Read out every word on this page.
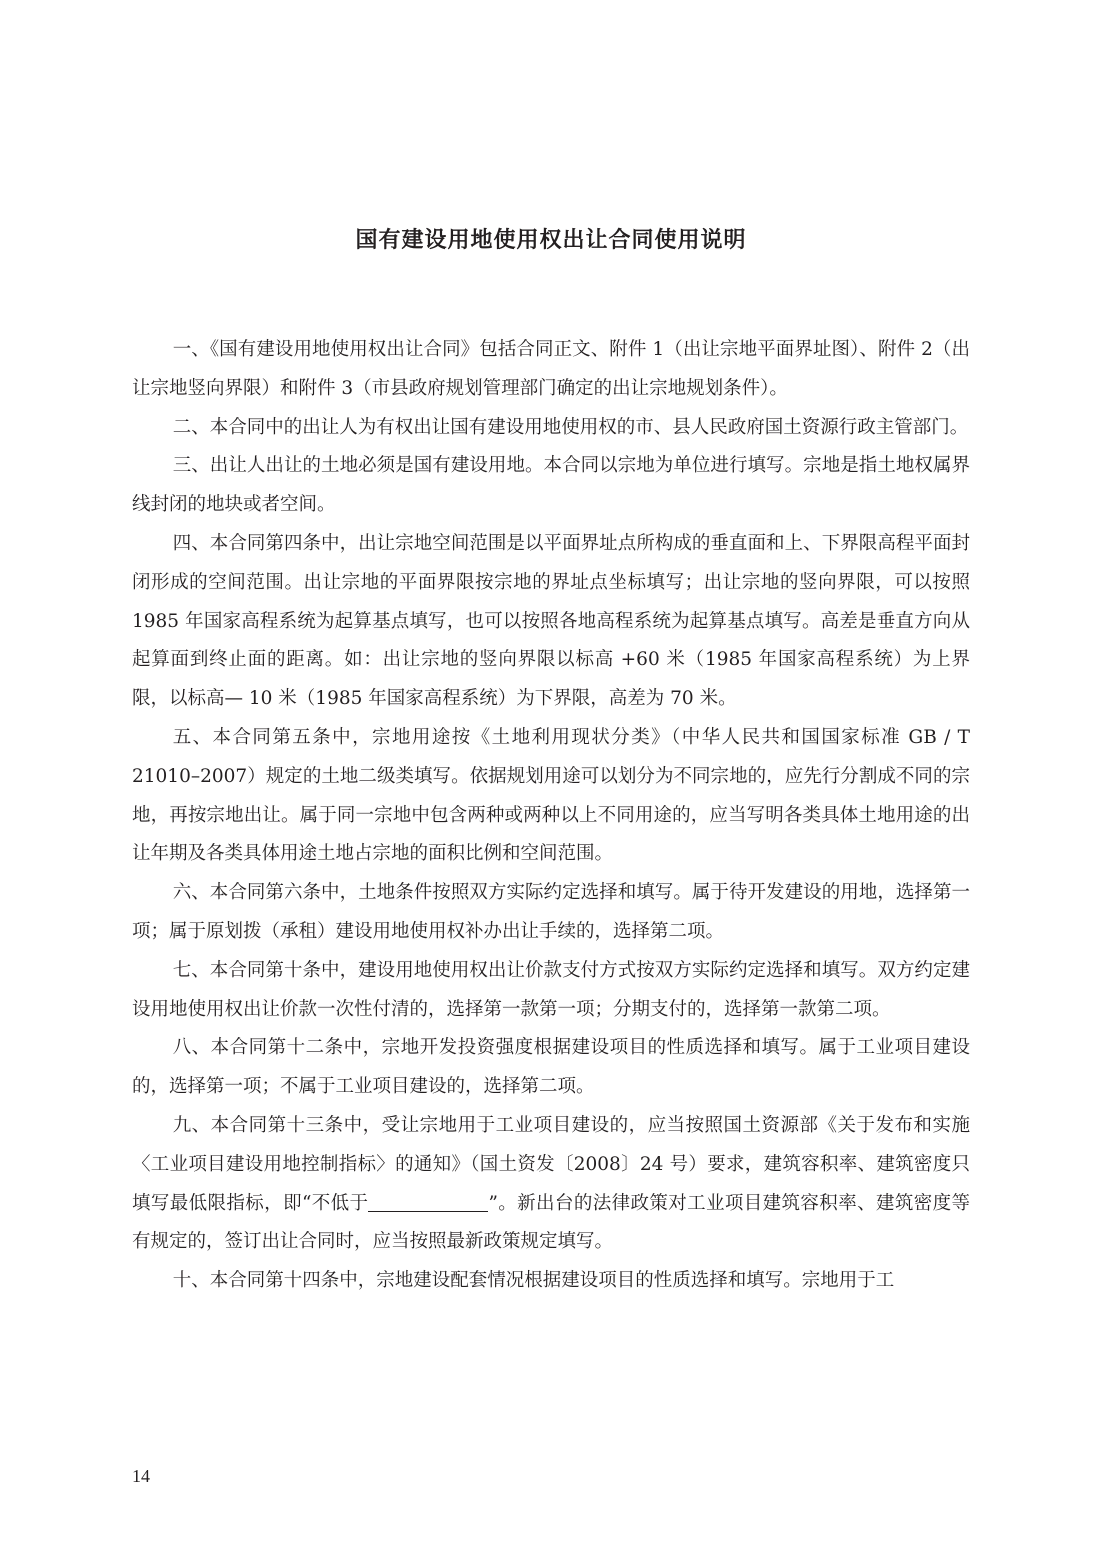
国有建设用地使用权出让合同使用说明

一、《国有建设用地使用权出让合同》包括合同正文、附件 1（出让宗地平面界址图）、附件 2（出让宗地竖向界限）和附件 3（市县政府规划管理部门确定的出让宗地规划条件）。

二、本合同中的出让人为有权出让国有建设用地使用权的市、县人民政府国土资源行政主管部门。

三、出让人出让的土地必须是国有建设用地。本合同以宗地为单位进行填写。宗地是指土地权属界线封闭的地块或者空间。

四、本合同第四条中，出让宗地空间范围是以平面界址点所构成的垂直面和上、下界限高程平面封闭形成的空间范围。出让宗地的平面界限按宗地的界址点坐标填写；出让宗地的竖向界限，可以按照 1985 年国家高程系统为起算基点填写，也可以按照各地高程系统为起算基点填写。高差是垂直方向从起算面到终止面的距离。如：出让宗地的竖向界限以标高 +60 米（1985 年国家高程系统）为上界限，以标高— 10 米（1985 年国家高程系统）为下界限，高差为 70 米。

五、本合同第五条中，宗地用途按《土地利用现状分类》（中华人民共和国国家标准 GB / T 21010–2007）规定的土地二级类填写。依据规划用途可以划分为不同宗地的，应先行分割成不同的宗地，再按宗地出让。属于同一宗地中包含两种或两种以上不同用途的，应当写明各类具体土地用途的出让年期及各类具体用途土地占宗地的面积比例和空间范围。

六、本合同第六条中，土地条件按照双方实际约定选择和填写。属于待开发建设的用地，选择第一项；属于原划拨（承租）建设用地使用权补办出让手续的，选择第二项。

七、本合同第十条中，建设用地使用权出让价款支付方式按双方实际约定选择和填写。双方约定建设用地使用权出让价款一次性付清的，选择第一款第一项；分期支付的，选择第一款第二项。

八、本合同第十二条中，宗地开发投资强度根据建设项目的性质选择和填写。属于工业项目建设的，选择第一项；不属于工业项目建设的，选择第二项。

九、本合同第十三条中，受让宗地用于工业项目建设的，应当按照国土资源部《关于发布和实施〈工业项目建设用地控制指标〉的通知》（国土资发〔2008〕24 号）要求，建筑容积率、建筑密度只填写最低限指标，即“不低于	”。新出台的法律政策对工业项目建筑容积率、建筑密度等有规定的，签订出让合同时，应当按照最新政策规定填写。

十、本合同第十四条中，宗地建设配套情况根据建设项目的性质选择和填写。宗地用于工

14
